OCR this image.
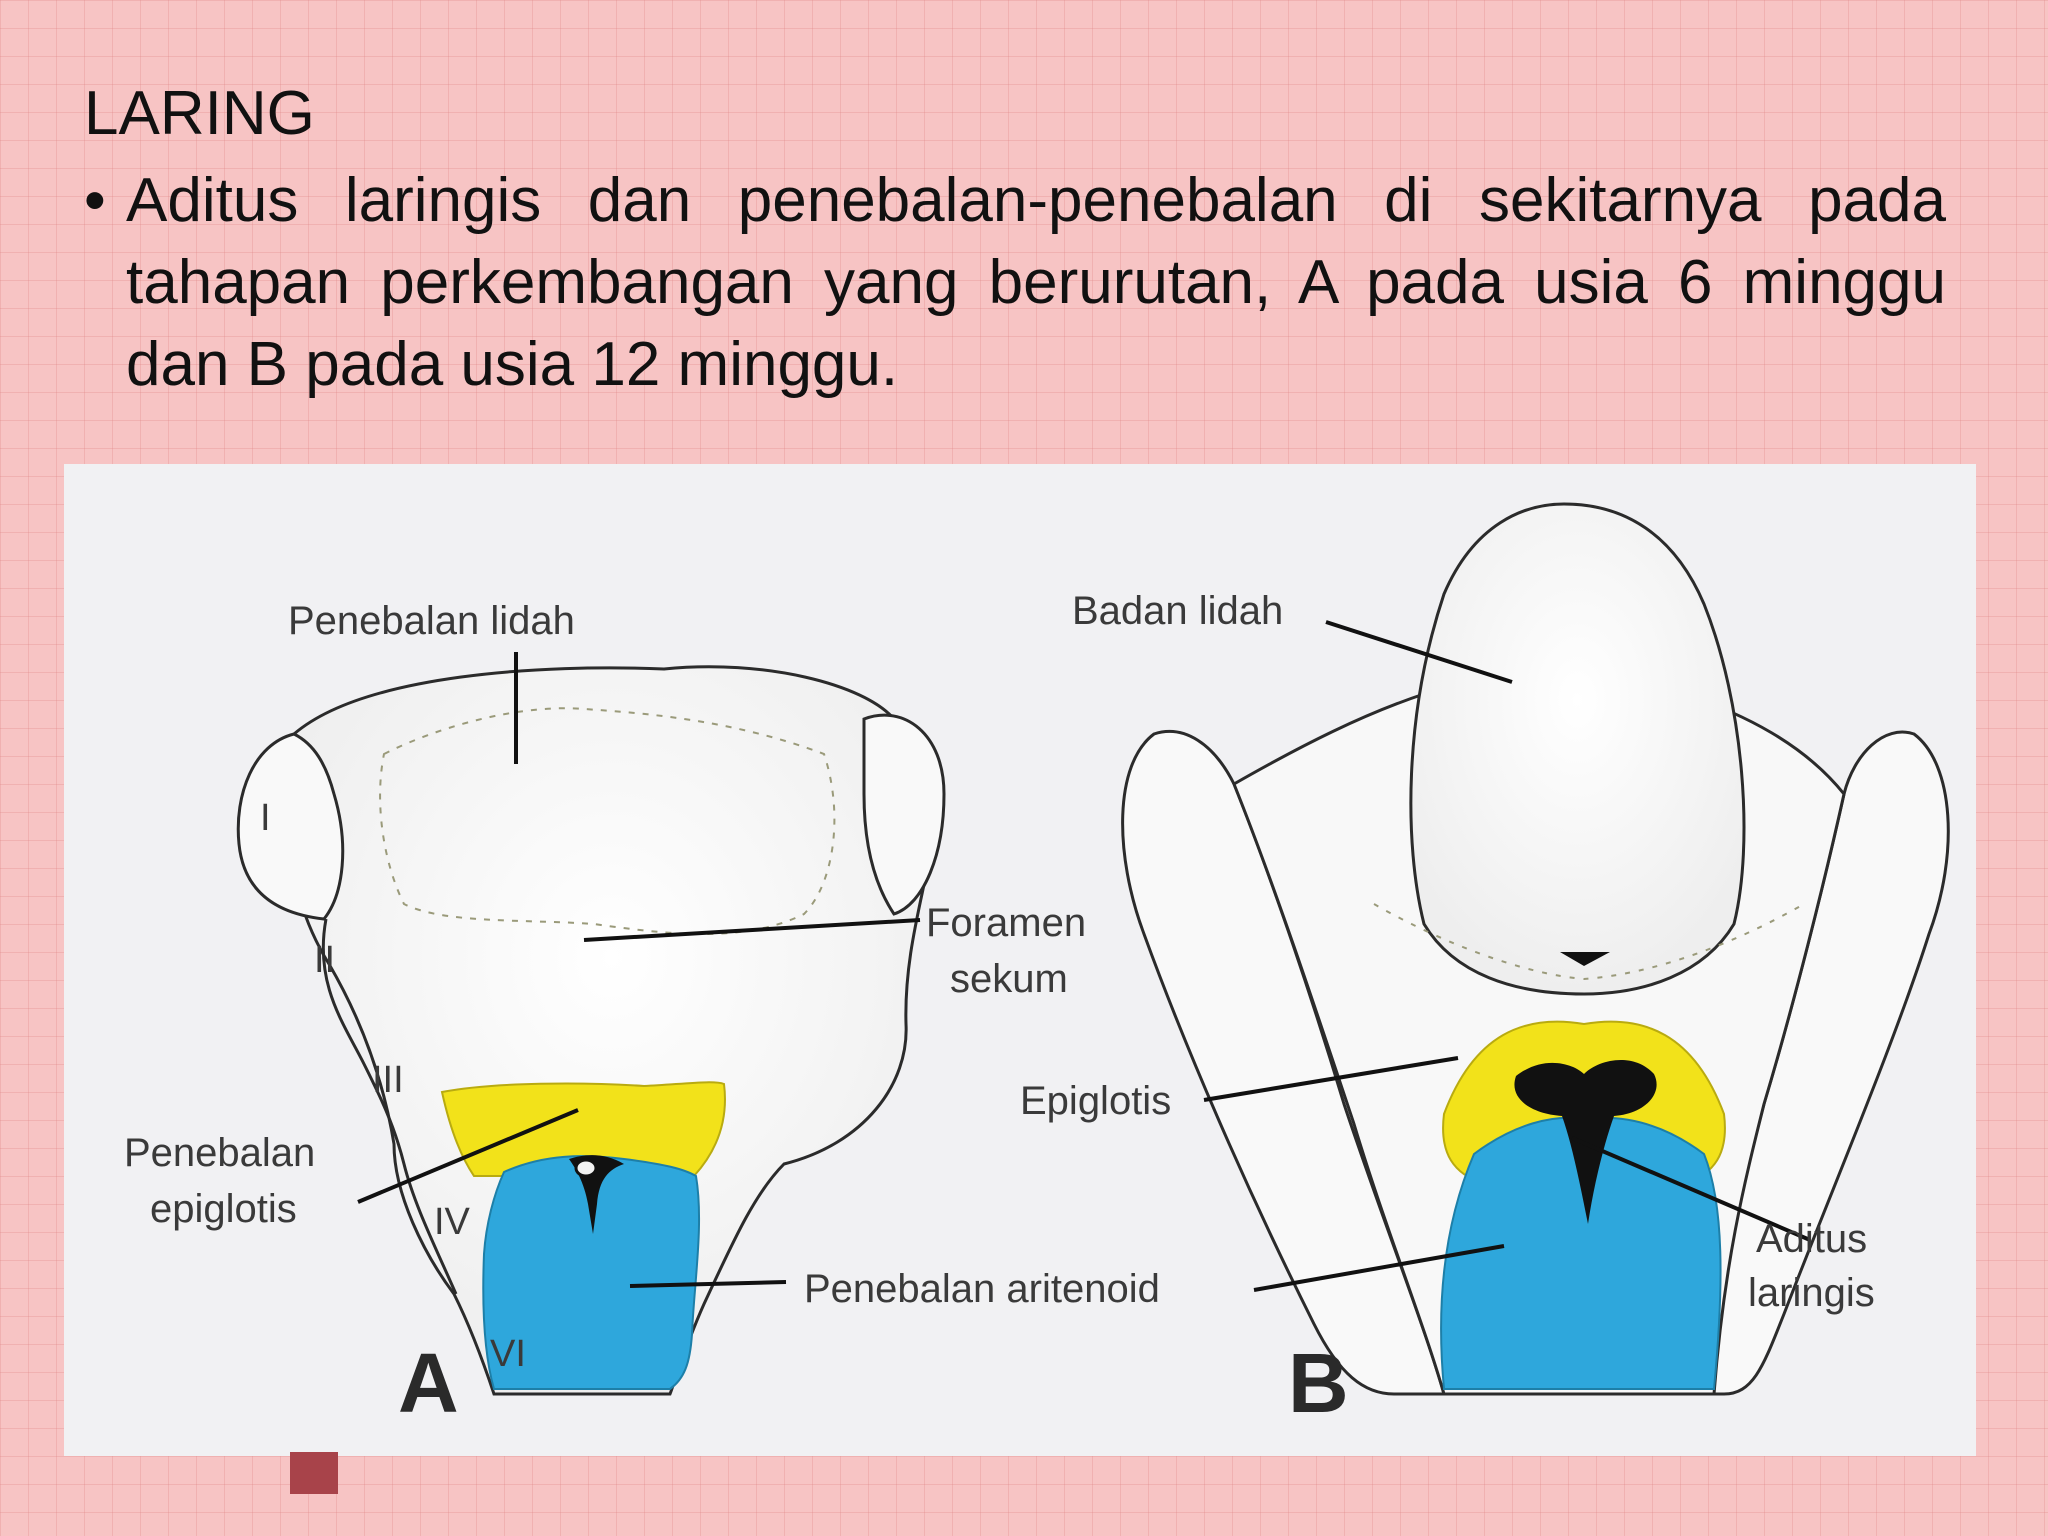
LARING
• Aditus laringis dan penebalan-penebalan di sekitarnya pada tahapan perkembangan yang berurutan, A pada usia 6 minggu dan B pada usia 12 minggu.
Penebalan lidah
Foramen
sekum
Penebalan
epiglotis
I
II
III
IV
VI
A
Badan lidah
Epiglotis
Aditus
laringis
B
Penebalan aritenoid
